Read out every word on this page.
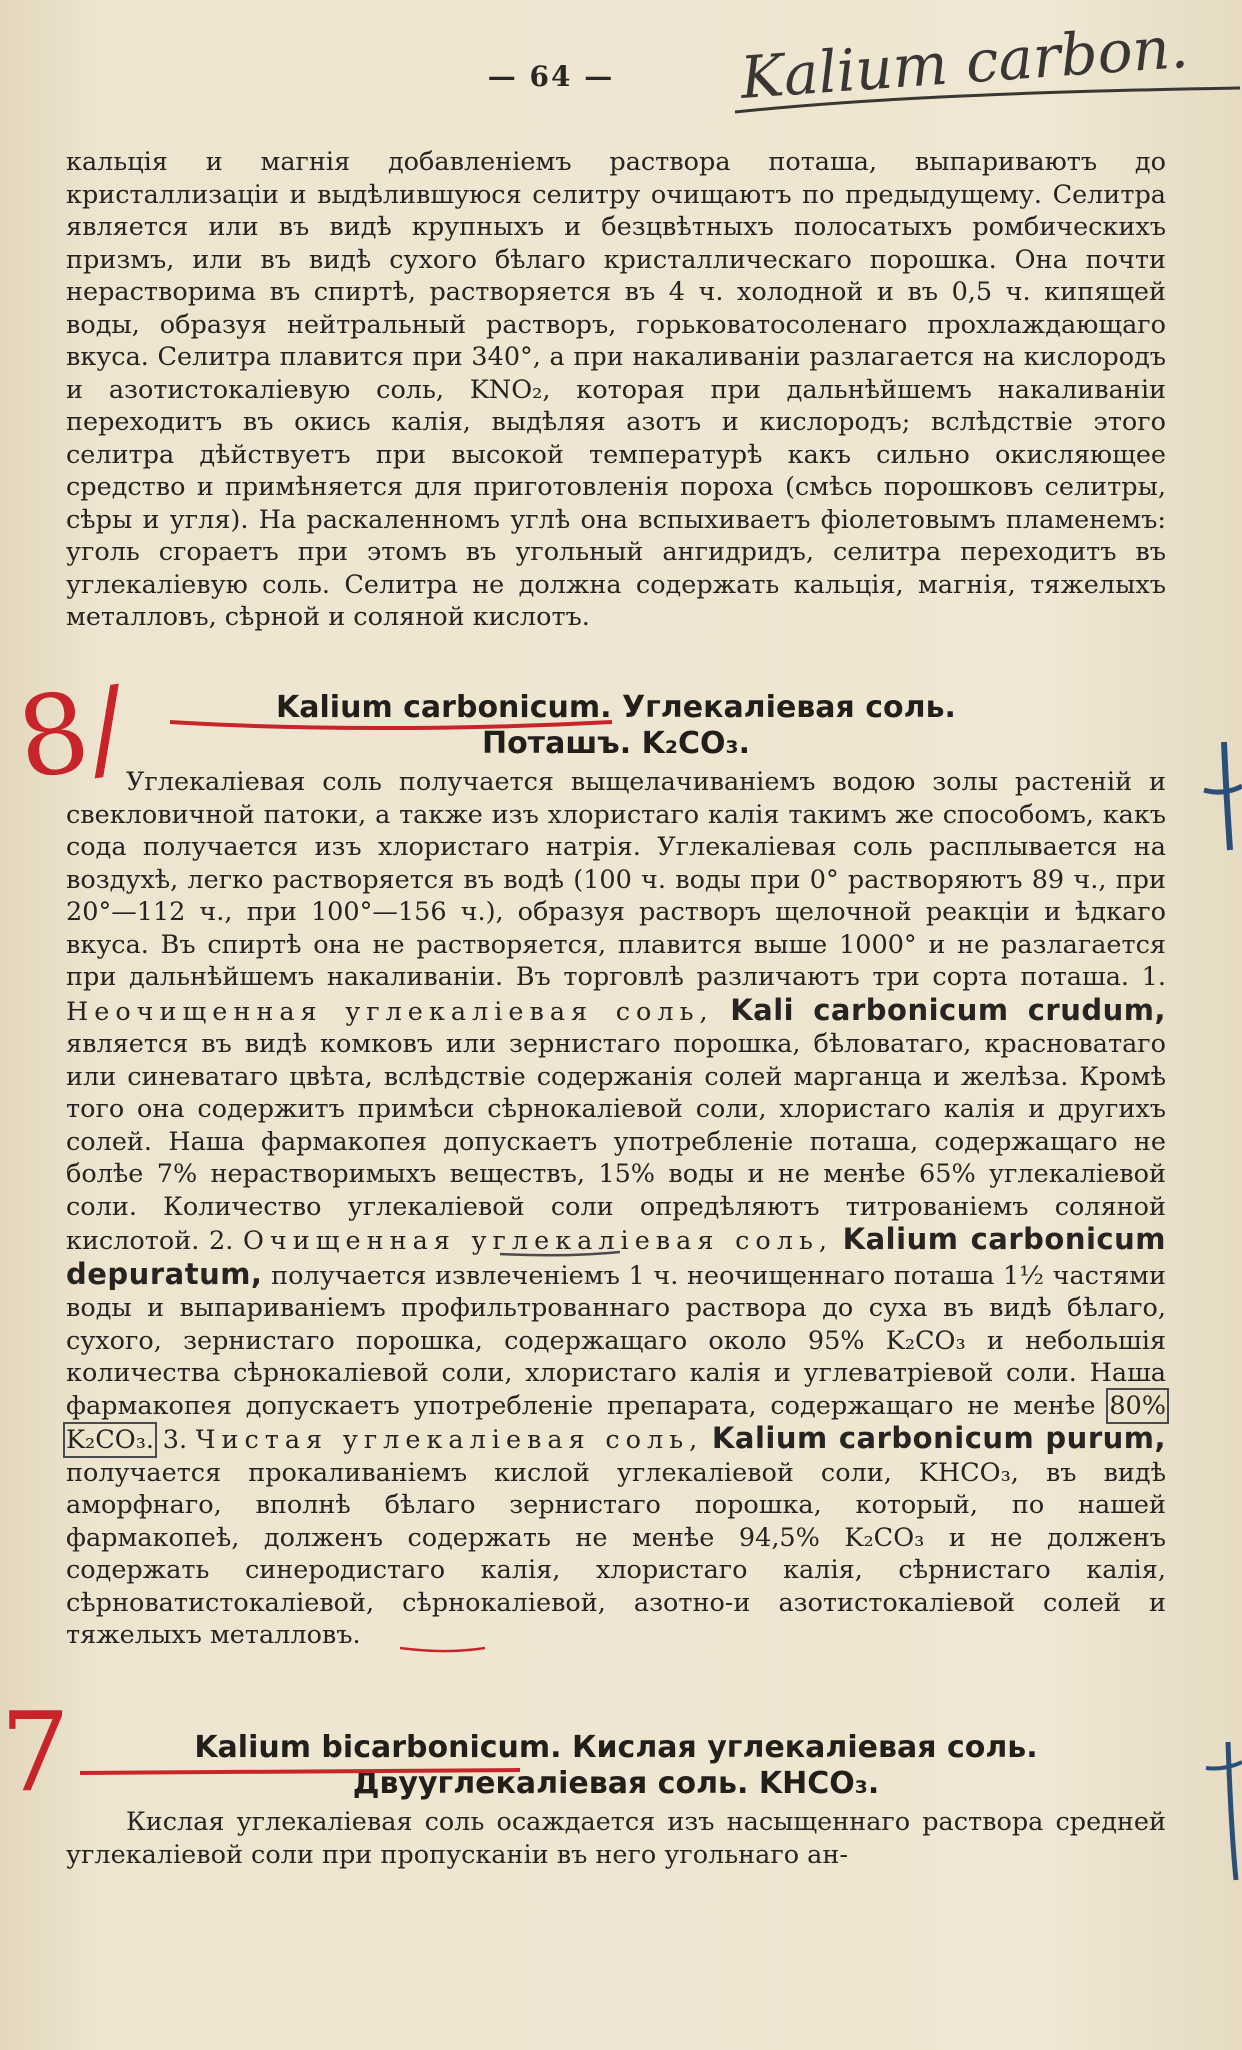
— 64 —

кальція и магнія добавленіемъ раствора поташа, выпариваютъ до кристаллизаціи и выдѣлившуюся селитру очищаютъ по предыдущему. Селитра является или въ видѣ крупныхъ и безцвѣтныхъ полосатыхъ ромбическихъ призмъ, или въ видѣ сухого бѣлаго кристаллическаго порошка. Она почти нерастворима въ спиртѣ, растворяется въ 4 ч. холодной и въ 0,5 ч. кипящей воды, образуя нейтральный растворъ, горьковатосоленаго прохлаждающаго вкуса. Селитра плавится при 340°, а при накаливаніи разлагается на кислородъ и азотистокаліевую соль, KNO₂, которая при дальнѣйшемъ накаливаніи переходитъ въ окись калія, выдѣляя азотъ и кислородъ; вслѣдствіе этого селитра дѣйствуетъ при высокой температурѣ какъ сильно окисляющее средство и примѣняется для приготовленія пороха (смѣсь порошковъ селитры, сѣры и угля). На раскаленномъ углѣ она вспыхиваетъ фіолетовымъ пламенемъ: уголь сгораетъ при этомъ въ угольный ангидридъ, селитра переходитъ въ углекаліевую соль. Селитра не должна содержать кальція, магнія, тяжелыхъ металловъ, сѣрной и соляной кислотъ.

Kalium carbonicum. Углекаліевая соль.
Поташъ. K₂CO₃.

Углекаліевая соль получается выщелачиваніемъ водою золы растеній и свекловичной патоки, а также изъ хлористаго калія такимъ же способомъ, какъ сода получается изъ хлористаго натрія. Углекаліевая соль расплывается на воздухѣ, легко растворяется въ водѣ (100 ч. воды при 0° растворяютъ 89 ч., при 20°—112 ч., при 100°—156 ч.), образуя растворъ щелочной реакціи и ѣдкаго вкуса. Въ спиртѣ она не растворяется, плавится выше 1000° и не разлагается при дальнѣйшемъ накаливаніи. Въ торговлѣ различаютъ три сорта поташа. 1. Неочищенная углекаліевая соль, Kali carbonicum crudum, является въ видѣ комковъ или зернистаго порошка, бѣловатаго, красноватаго или синеватаго цвѣта, вслѣдствіе содержанія солей марганца и желѣза. Кромѣ того она содержитъ примѣси сѣрнокаліевой соли, хлористаго калія и другихъ солей. Наша фармакопея допускаетъ употребленіе поташа, содержащаго не болѣе 7% нерастворимыхъ веществъ, 15% воды и не менѣе 65% углекаліевой соли. Количество углекаліевой соли опредѣляютъ титрованіемъ соляной кислотой. 2. Очищенная углекаліевая соль, Kalium carbonicum depuratum, получается извлеченіемъ 1 ч. неочищеннаго поташа 1½ частями воды и выпариваніемъ профильтрованнаго раствора до суха въ видѣ бѣлаго, сухого, зернистаго порошка, содержащаго около 95% K₂CO₃ и небольшія количества сѣрнокаліевой соли, хлористаго калія и углеватріевой соли. Наша фармакопея допускаетъ употребленіе препарата, содержащаго не менѣе 80% K₂CO₃. 3. Чистая углекаліевая соль, Kalium carbonicum purum, получается прокаливаніемъ кислой углекаліевой соли, KHCO₃, въ видѣ аморфнаго, вполнѣ бѣлаго зернистаго порошка, который, по нашей фармакопеѣ, долженъ содержать не менѣе 94,5% K₂CO₃ и не долженъ содержать синеродистаго калія, хлористаго калія, сѣрнистаго калія, сѣрноватистокаліевой, сѣрнокаліевой, азотно-и азотистокаліевой солей и тяжелыхъ металловъ.

Kalium bicarbonicum. Кислая углекаліевая соль.
Двууглекаліевая соль. KHCO₃.

Кислая углекаліевая соль осаждается изъ насыщеннаго раствора средней углекаліевой соли при пропусканіи въ него угольнаго ан-

Kalium carbon.
8/
7
